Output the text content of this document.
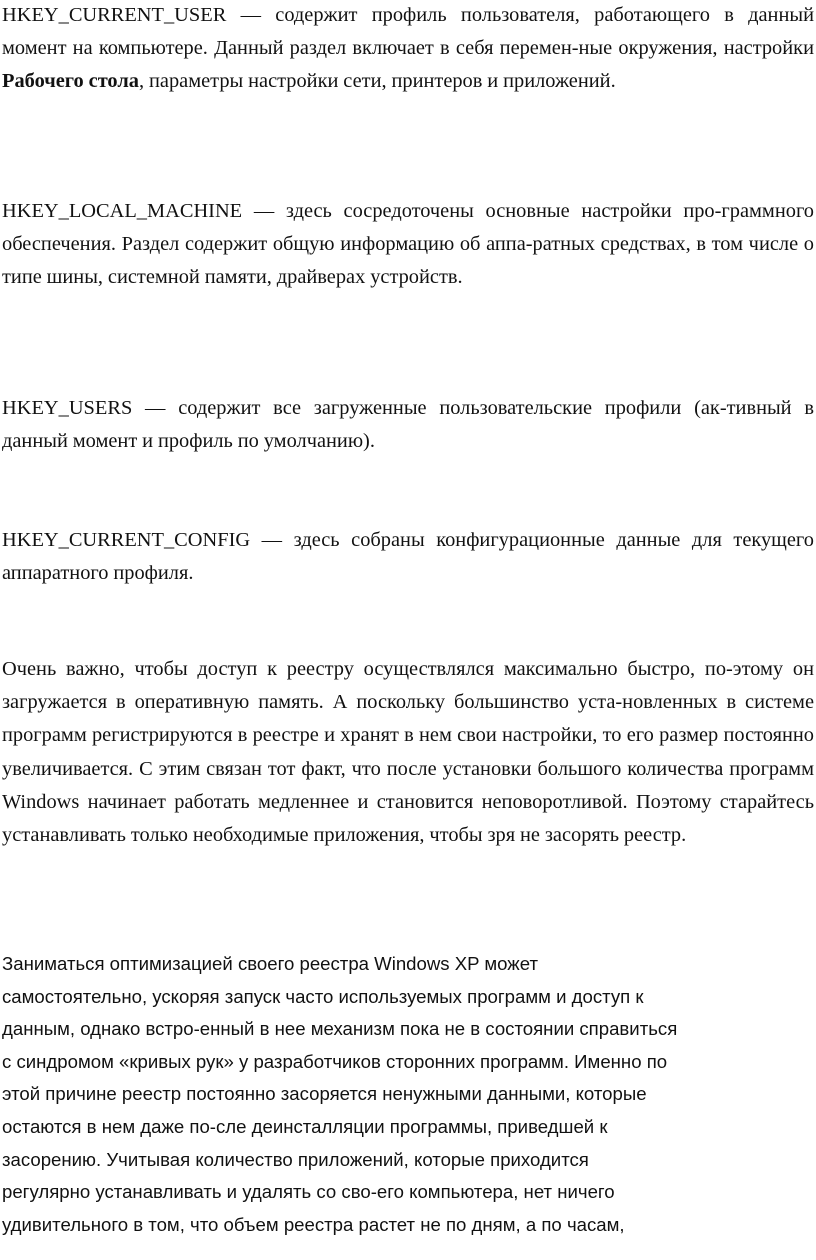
HKEY_CURRENT_USER — содержит профиль пользователя, работающего в данный момент на компьютере. Данный раздел включает в себя перемен-ные окружения, настройки Рабочего стола, параметры настройки сети, принтеров и приложений.

HKEY_LOCAL_MACHINE — здесь сосредоточены основные настройки про-граммного обеспечения. Раздел содержит общую информацию об аппа-ратных средствах, в том числе о типе шины, системной памяти, драйверах устройств.

HKEY_USERS — содержит все загруженные пользовательские профили (ак-тивный в данный момент и профиль по умолчанию).

HKEY_CURRENT_CONFIG — здесь собраны конфигурационные данные для текущего аппаратного профиля.

Очень важно, чтобы доступ к реестру осуществлялся максимально быстро, по-этому он загружается в оперативную память. А поскольку большинство уста-новленных в системе программ регистрируются в реестре и хранят в нем свои настройки, то его размер постоянно увеличивается. С этим связан тот факт, что после установки большого количества программ Windows начинает работать медленнее и становится неповоротливой. Поэтому старайтесь устанавливать только необходимые приложения, чтобы зря не засорять реестр.

Заниматься оптимизацией своего реестра Windows XP может
самостоятельно, ускоряя запуск часто используемых программ и доступ к
данным, однако встро-енный в нее механизм пока не в состоянии справиться
с синдромом «кривых рук» у разработчиков сторонних программ. Именно по
этой причине реестр постоянно засоряется ненужными данными, которые
остаются в нем даже по-сле деинсталляции программы, приведшей к
засорению. Учитывая количество приложений, которые приходится
регулярно устанавливать и удалять со сво-его компьютера, нет ничего
удивительного в том, что объем реестра растет не по дням, а по часам,
